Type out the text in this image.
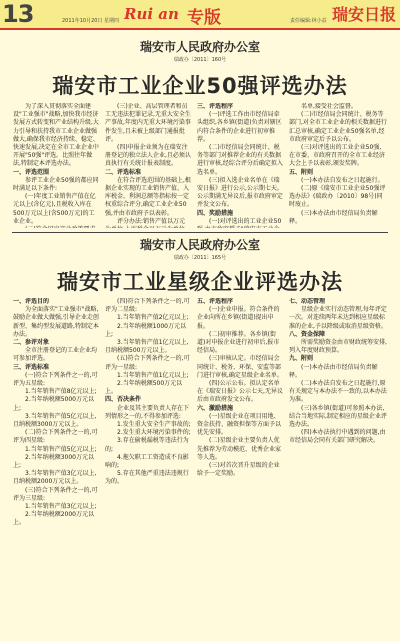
13	2011年10月20日 星期四 Rui an 专版	责任编辑:林小益 瑞安日报
瑞安市人民政府办公室
瑞政办〔2011〕160号
瑞安市工业企业50强评选办法

为了深入贯彻落实全面建设"工业强市"战略,加快我市经济发展方式转变和产业结构升级,大力引导和扶持我市工业企业做强做大,确保我市经济持续、稳定、快速发展,决定在全市工业企业中开展"50强"评选。比照往年做法,特制定本评选办法。

一、评选范围

参评工业企业50强的都应同时满足以下条件:

(一)年度工业销售产值在亿元以上(含亿元),且税收入库在500万元以上(含500万元)的工业企业。

(三)企业、高层管理者和员工无违法犯罪记录,无重大安全生产事故,年度内无重大环境污染事件发生,且未被上级部门通报批评。

(四)申报企业须为在瑞安注册登记的独立法人企业,且必须认真执行有关统计报表制度。

二、评选标准

在符合评选范围的基础上,根据企业实现的工业销售产值、入库税金、利润总额等指标按一定权重综合评分,确定工业企业50强,并由市政府予以表彰。

评分办法:销售产值以万元

三、评选程序

(一)评选工作由市经信局牵头组织,各乡镇(街道)负责对辖区内符合条件的企业进行初审推荐。

(二)市经信局会同统计、税务等部门对推荐企业的有关数据进行审核,经综合评分后确定拟入选名单。

(三)拟入选企业名单在《瑞安日报》进行公示,公示期七天。公示期满无异议后,报市政府审定并发文公布。

四、奖励措施

(一)对评选出的工业企业50

名单,接受社会监督。

(二)市经信局会同统计、税务等部门,对全市工业企业的相关数据进行汇总审核,确定工业企业50强名单,经市政府审定后予以公布。

(三)对评选出的工业企业50强,在市委、市政府召开的全市工业经济大会上予以表彰,颁发奖牌。

五、附则

(一)本办法自发布之日起施行。

(二)原《瑞安市工业企业50强评选办法》(瑞政办〔2010〕98号)同时废止。

(三)本办法由市经信局负责解释。

瑞安市人民政府办公室
瑞政办〔2011〕165号
瑞安市工业星级企业评选办法

一、评选目的

为全面落实"工业强市"战略,鼓励企业做大做强,引导企业走创新型、集约型发展道路,特制定本办法。

二、参评对象

全市注册登记的工业企业均可参加评选。

三、评选标准

(一)符合下列条件之一的,可评为五星级:

1.当年销售产值8亿元以上;

2.当年纳税额5000万元以上;

3.当年销售产值5亿元以上,且纳税额3000万元以上。

(二)符合下列条件之一的,可评为四星级:

1.当年销售产值5亿元以上;

2.当年纳税额3000万元以上;

3.当年销售产值3亿元以上,且纳税额2000万元以上。

(三)符合下列条件之一的,可评为三星级:

1.当年销售产值3亿元以上;

2.当年纳税额2000万元以上。

(四)符合下列条件之一的,可评为二星级:

1.当年销售产值2亿元以上;

2.当年纳税额1000万元以上;

3.当年销售产值1亿元以上,且纳税额500万元以上。

(五)符合下列条件之一的,可评为一星级:

1.当年销售产值1亿元以上;

2.当年纳税额500万元以上。

四、否决条件

企业及其主要负责人存在下列情形之一的,不得参加评选:

1.发生重大安全生产事故的;

2.发生重大环境污染事件的;

3.存在偷税漏税等违法行为的;

4.拖欠职工工资造成不良影响的;

5.存在其他严重违法违规行为的。

五、评选程序

(一)企业申报。符合条件的企业向所在乡镇(街道)提出申报。

(二)初审推荐。各乡镇(街道)对申报企业进行初审后,报市经信局。

(三)审核认定。市经信局会同统计、税务、环保、安监等部门进行审核,确定星级企业名单。

(四)公示公布。拟认定名单在《瑞安日报》公示七天,无异议后由市政府发文公布。

六、激励措施

(一)星级企业在项目用地、资金扶持、融资担保等方面予以优先安排。

(二)星级企业主要负责人优先推荐为劳动模范、优秀企业家等人选。

(三)对首次晋升星级的企业给予一定奖励。

七、动态管理

星级企业实行动态管理,每年评定一次。对连续两年未达到相应星级标准的企业,予以降级或取消星级资格。

八、资金保障

所需奖励资金由市财政统筹安排,列入年度财政预算。

九、附则

(一)本办法由市经信局负责解释。

(二)本办法自发布之日起施行,原有关规定与本办法不一致的,以本办法为准。

(三)各乡镇(街道)可参照本办法,结合当地实际,制定相应的星级企业评选办法。

(四)本办法执行中遇到的问题,由市经信局会同有关部门研究解决。
